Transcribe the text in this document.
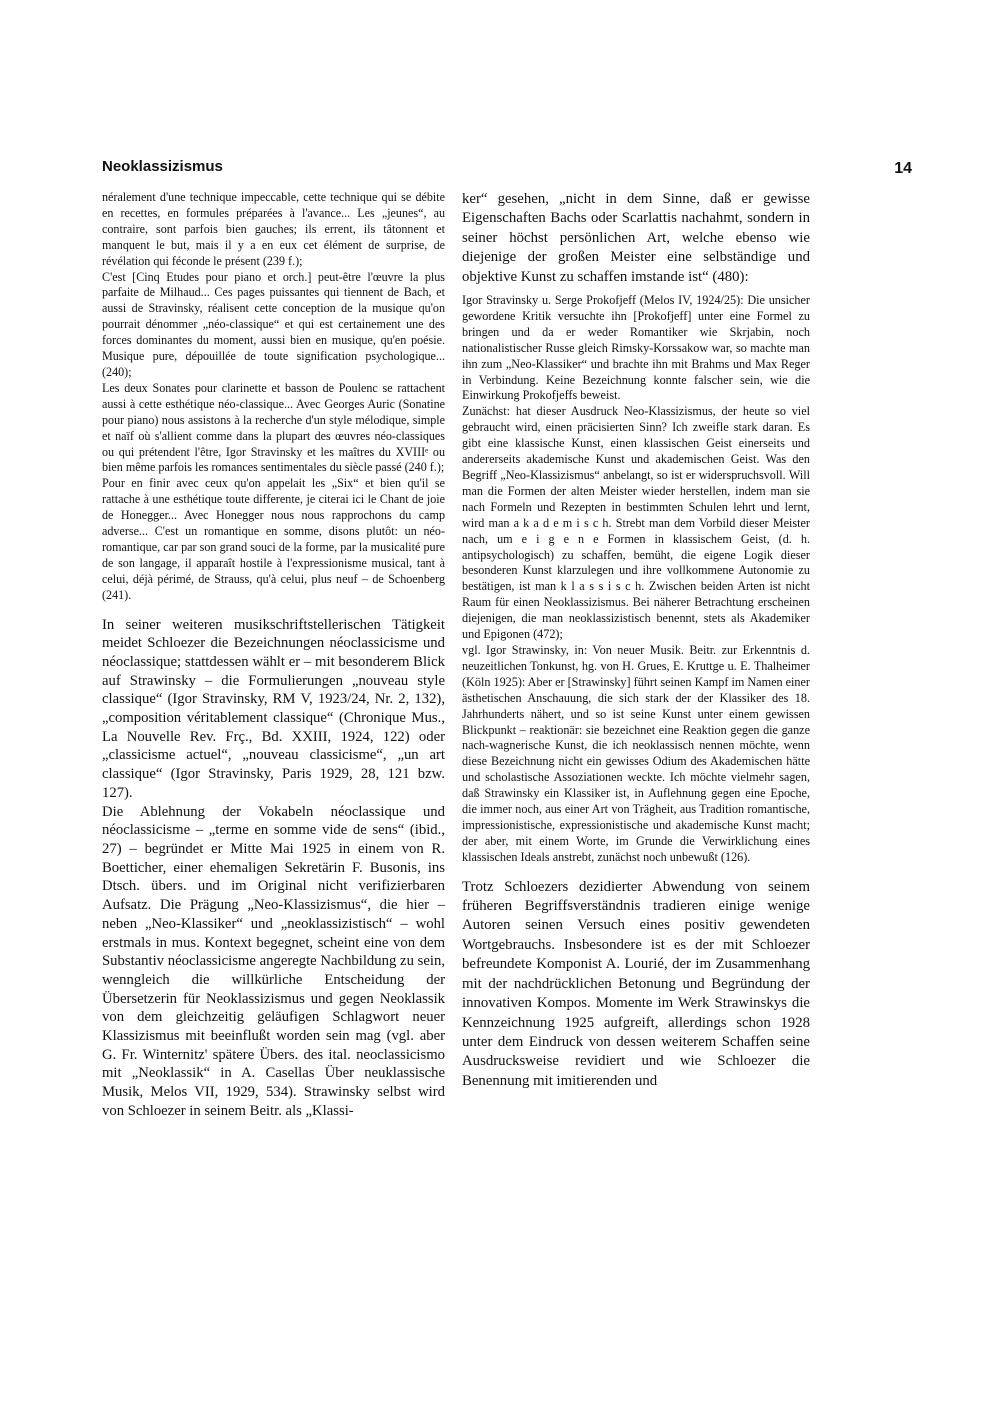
Neoklassizismus	14

néralement d'une technique impeccable, cette technique qui se débite en recettes, en formules préparées à l'avance... Les „jeunes“, au contraire, sont parfois bien gauches; ils errent, ils tâtonnent et manquent le but, mais il y a en eux cet élément de surprise, de révélation qui féconde le présent (239 f.);

C'est [Cinq Etudes pour piano et orch.] peut-être l'œuvre la plus parfaite de Milhaud... Ces pages puissantes qui tiennent de Bach, et aussi de Stravinsky, réalisent cette conception de la musique qu'on pourrait dénommer „néo-classique“ et qui est certainement une des forces dominantes du moment, aussi bien en musique, qu'en poésie. Musique pure, dépouillée de toute signification psychologique... (240);

Les deux Sonates pour clarinette et basson de Poulenc se rattachent aussi à cette esthétique néo-classique... Avec Georges Auric (Sonatine pour piano) nous assistons à la recherche d'un style mélodique, simple et naïf où s'allient comme dans la plupart des œuvres néo-classiques ou qui prétendent l'être, Igor Stravinsky et les maîtres du XVIIIᵉ ou bien même parfois les romances sentimentales du siècle passé (240 f.);

Pour en finir avec ceux qu'on appelait les „Six“ et bien qu'il se rattache à une esthétique toute differente, je citerai ici le Chant de joie de Honegger... Avec Honegger nous nous rapprochons du camp adverse... C'est un romantique en somme, disons plutôt: un néo-romantique, car par son grand souci de la forme, par la musicalité pure de son langage, il apparaît hostile à l'expressionisme musical, tant à celui, déjà périmé, de Strauss, qu'à celui, plus neuf – de Schoenberg (241).

In seiner weiteren musikschriftstellerischen Tätigkeit meidet Schloezer die Bezeichnungen néoclassicisme und néoclassique; stattdessen wählt er – mit besonderem Blick auf Strawinsky – die Formulierungen „nouveau style classique“ (Igor Stravinsky, RM V, 1923/24, Nr. 2, 132), „composition véritablement classique“ (Chronique Mus., La Nouvelle Rev. Frç., Bd. XXIII, 1924, 122) oder „classicisme actuel“, „nouveau classicisme“, „un art classique“ (Igor Stravinsky, Paris 1929, 28, 121 bzw. 127).

Die Ablehnung der Vokabeln néoclassique und néoclassicisme – „terme en somme vide de sens“ (ibid., 27) – begründet er Mitte Mai 1925 in einem von R. Boetticher, einer ehemaligen Sekretärin F. Busonis, ins Dtsch. übers. und im Original nicht verifizierbaren Aufsatz. Die Prägung „Neo-Klassizismus“, die hier – neben „Neo-Klassiker“ und „neoklassizistisch“ – wohl erstmals in mus. Kontext begegnet, scheint eine von dem Substantiv néoclassicisme angeregte Nachbildung zu sein, wenngleich die willkürliche Entscheidung der Übersetzerin für Neoklassizismus und gegen Neoklassik von dem gleichzeitig geläufigen Schlagwort neuer Klassizismus mit beeinflußt worden sein mag (vgl. aber G. Fr. Winternitz' spätere Übers. des ital. neoclassicismo mit „Neoklassik“ in A. Casellas Über neuklassische Musik, Melos VII, 1929, 534). Strawinsky selbst wird von Schloezer in seinem Beitr. als „Klassi-

ker“ gesehen, „nicht in dem Sinne, daß er gewisse Eigenschaften Bachs oder Scarlattis nachahmt, sondern in seiner höchst persönlichen Art, welche ebenso wie diejenige der großen Meister eine selbständige und objektive Kunst zu schaffen imstande ist“ (480):

Igor Stravinsky u. Serge Prokofjeff (Melos IV, 1924/25): Die unsicher gewordene Kritik versuchte ihn [Prokofjeff] unter eine Formel zu bringen und da er weder Romantiker wie Skrjabin, noch nationalistischer Russe gleich Rimsky-Korssakow war, so machte man ihn zum „Neo-Klassiker“ und brachte ihn mit Brahms und Max Reger in Verbindung. Keine Bezeichnung konnte falscher sein, wie die Einwirkung Prokofjeffs beweist.

Zunächst: hat dieser Ausdruck Neo-Klassizismus, der heute so viel gebraucht wird, einen präcisierten Sinn? Ich zweifle stark daran. Es gibt eine klassische Kunst, einen klassischen Geist einerseits und andererseits akademische Kunst und akademischen Geist. Was den Begriff „Neo-Klassizismus“ anbelangt, so ist er widerspruchsvoll. Will man die Formen der alten Meister wieder herstellen, indem man sie nach Formeln und Rezepten in bestimmten Schulen lehrt und lernt, wird man a k a d e m i s c h. Strebt man dem Vorbild dieser Meister nach, um e i g e n e Formen in klassischem Geist, (d. h. antipsychologisch) zu schaffen, bemüht, die eigene Logik dieser besonderen Kunst klarzulegen und ihre vollkommene Autonomie zu bestätigen, ist man k l a s s i s c h. Zwischen beiden Arten ist nicht Raum für einen Neoklassizismus. Bei näherer Betrachtung erscheinen diejenigen, die man neoklassizistisch benennt, stets als Akademiker und Epigonen (472);

vgl. Igor Strawinsky, in: Von neuer Musik. Beitr. zur Erkenntnis d. neuzeitlichen Tonkunst, hg. von H. Grues, E. Kruttge u. E. Thalheimer (Köln 1925): Aber er [Strawinsky] führt seinen Kampf im Namen einer ästhetischen Anschauung, die sich stark der der Klassiker des 18. Jahrhunderts nähert, und so ist seine Kunst unter einem gewissen Blickpunkt – reaktionär: sie bezeichnet eine Reaktion gegen die ganze nach-wagnerische Kunst, die ich neoklassisch nennen möchte, wenn diese Bezeichnung nicht ein gewisses Odium des Akademischen hätte und scholastische Assoziationen weckte. Ich möchte vielmehr sagen, daß Strawinsky ein Klassiker ist, in Auflehnung gegen eine Epoche, die immer noch, aus einer Art von Trägheit, aus Tradition romantische, impressionistische, expressionistische und akademische Kunst macht; der aber, mit einem Worte, im Grunde die Verwirklichung eines klassischen Ideals anstrebt, zunächst noch unbewußt (126).

Trotz Schloezers dezidierter Abwendung von seinem früheren Begriffsverständnis tradieren einige wenige Autoren seinen Versuch eines positiv gewendeten Wortgebrauchs. Insbesondere ist es der mit Schloezer befreundete Komponist A. Lourié, der im Zusammenhang mit der nachdrücklichen Betonung und Begründung der innovativen Kompos. Momente im Werk Strawinskys die Kennzeichnung 1925 aufgreift, allerdings schon 1928 unter dem Eindruck von dessen weiterem Schaffen seine Ausdrucksweise revidiert und wie Schloezer die Benennung mit imitierenden und
